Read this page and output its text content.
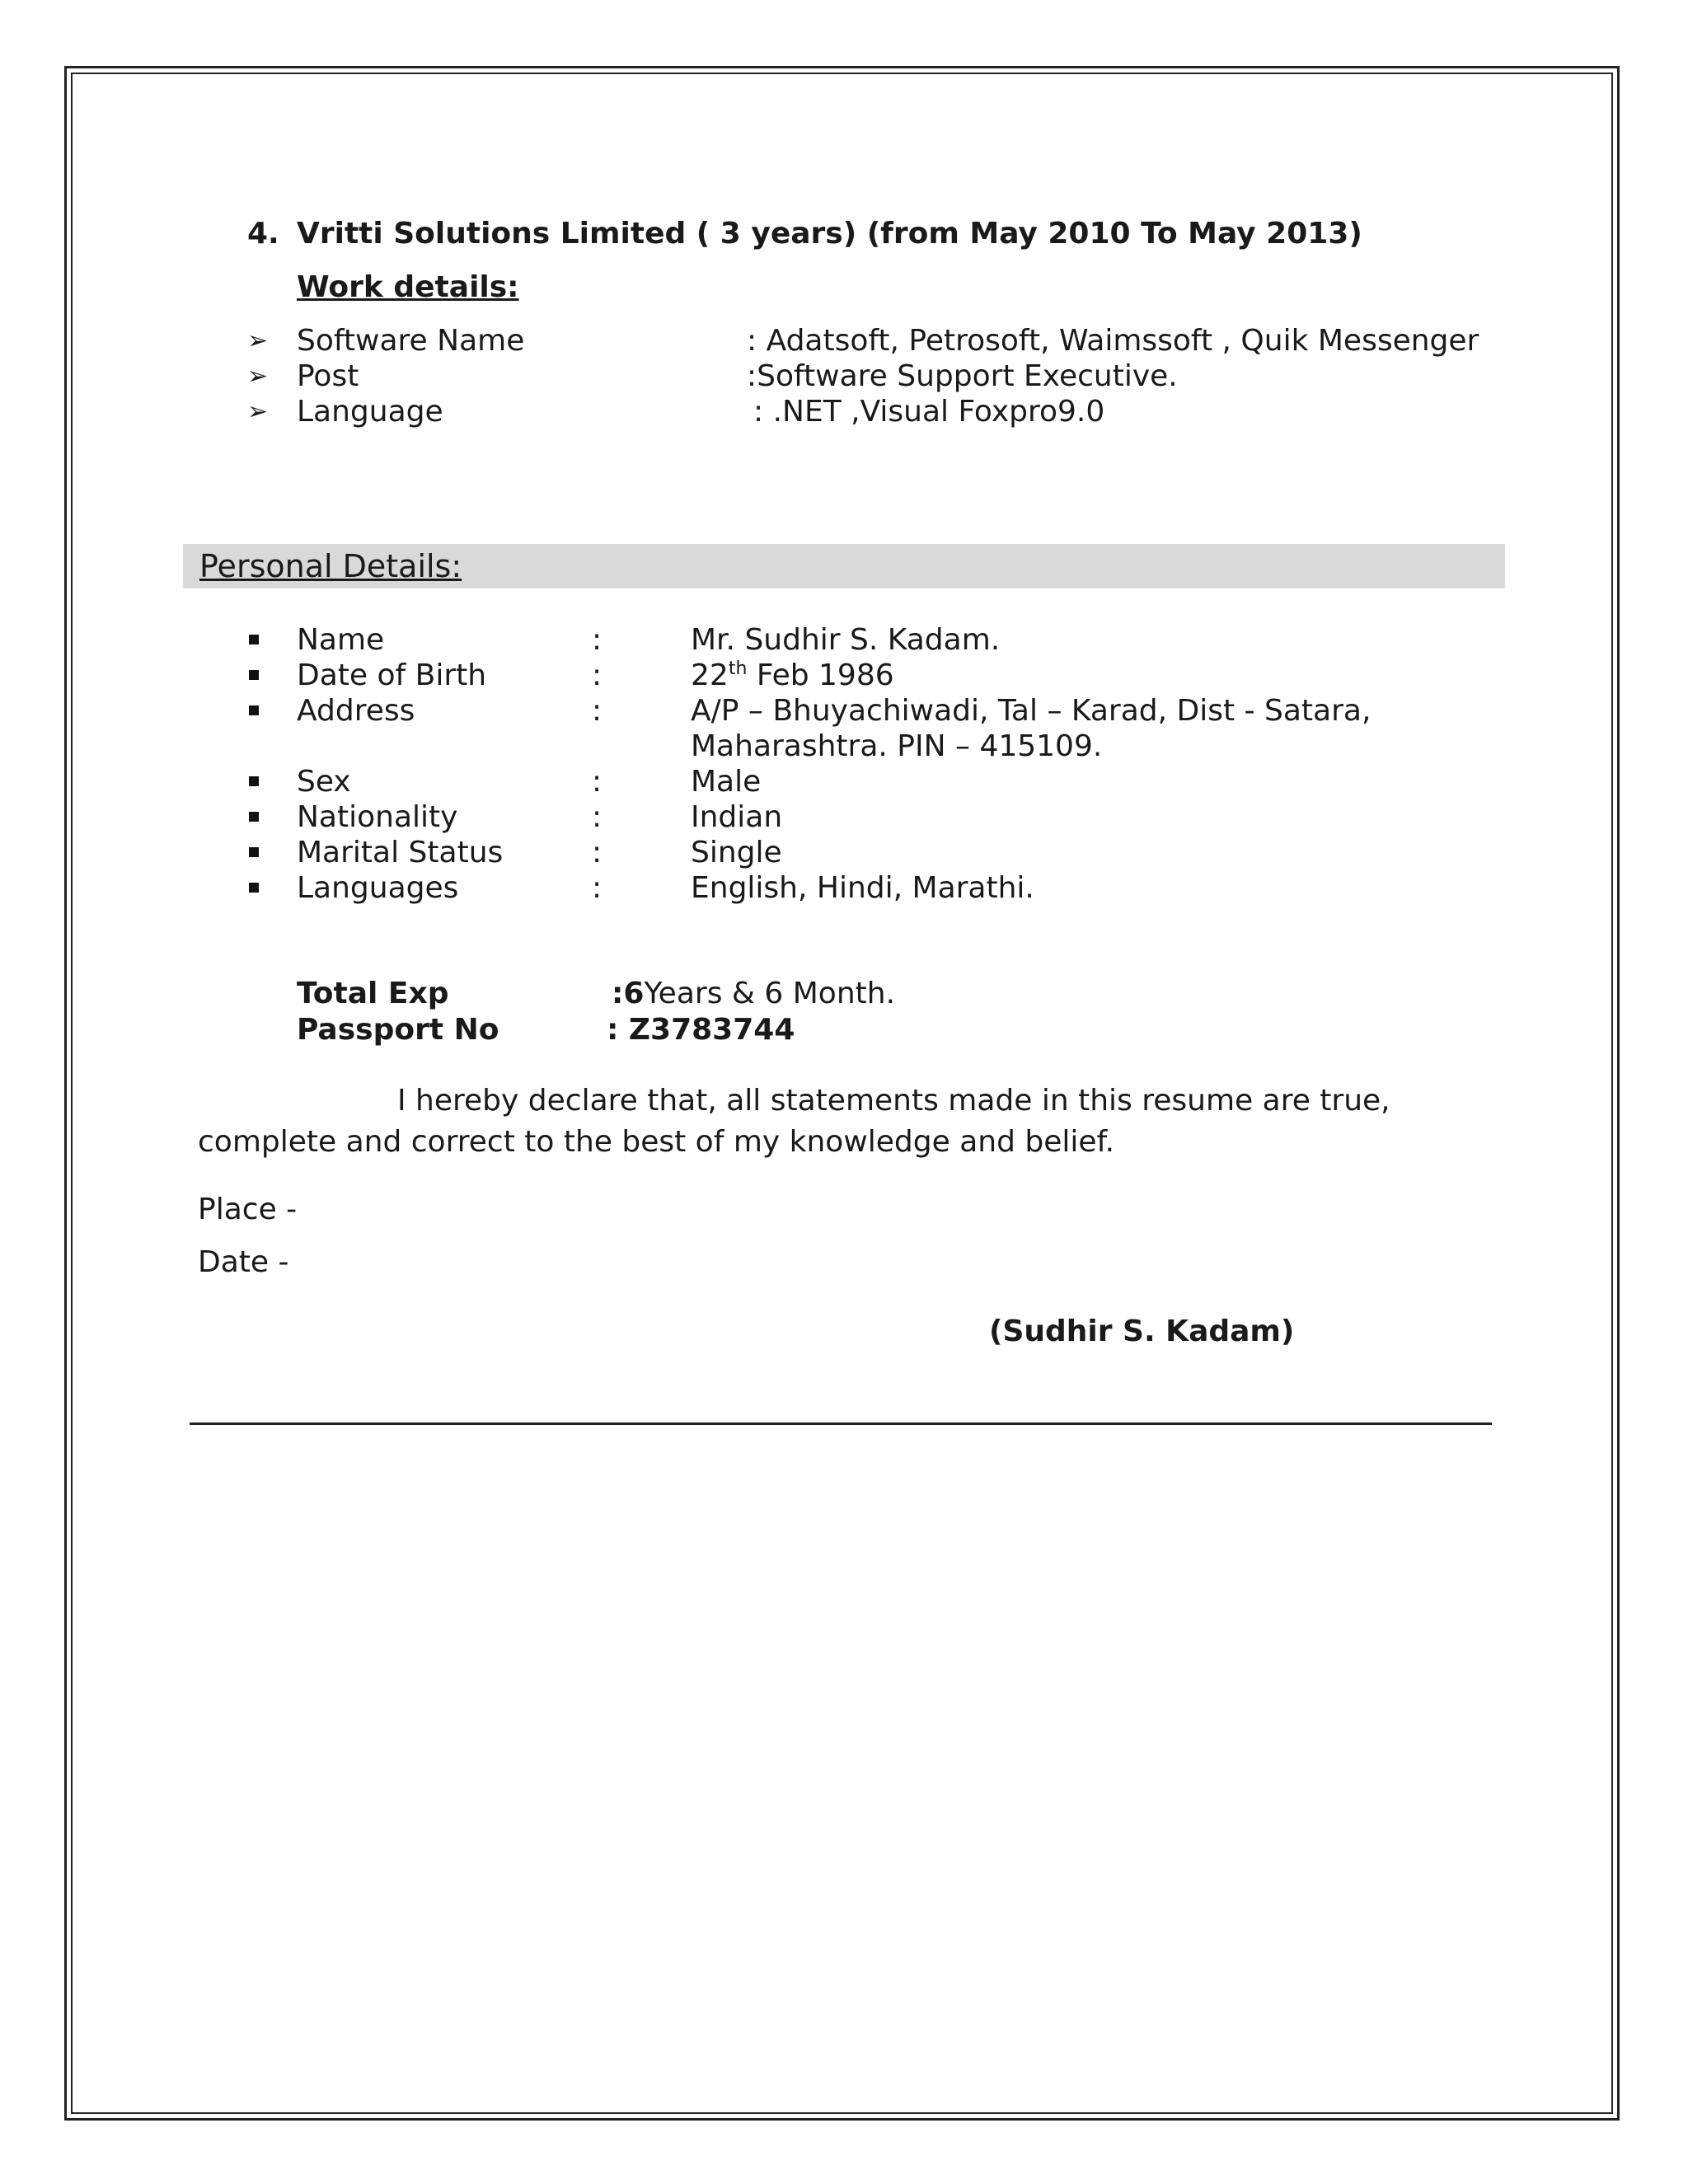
4. Vritti Solutions Limited ( 3 years) (from May 2010 To May 2013)
Work details:
➢ Software Name	: Adatsoft, Petrosoft, Waimssoft , Quik Messenger
➢ Post	:Software Support Executive.
➢ Language	: .NET ,Visual Foxpro9.0
Personal Details:
Name	:	Mr. Sudhir S. Kadam.
Date of Birth	:	22th Feb 1986
Address	:	A/P – Bhuyachiwadi, Tal – Karad, Dist - Satara,
Maharashtra. PIN – 415109.
Sex	:	Male
Nationality	:	Indian
Marital Status	:	Single
Languages	:	English, Hindi, Marathi.
Total Exp	:6Years & 6 Month.
Passport No	: Z3783744
I hereby declare that, all statements made in this resume are true,
complete and correct to the best of my knowledge and belief.
Place -
Date -
(Sudhir S. Kadam)
